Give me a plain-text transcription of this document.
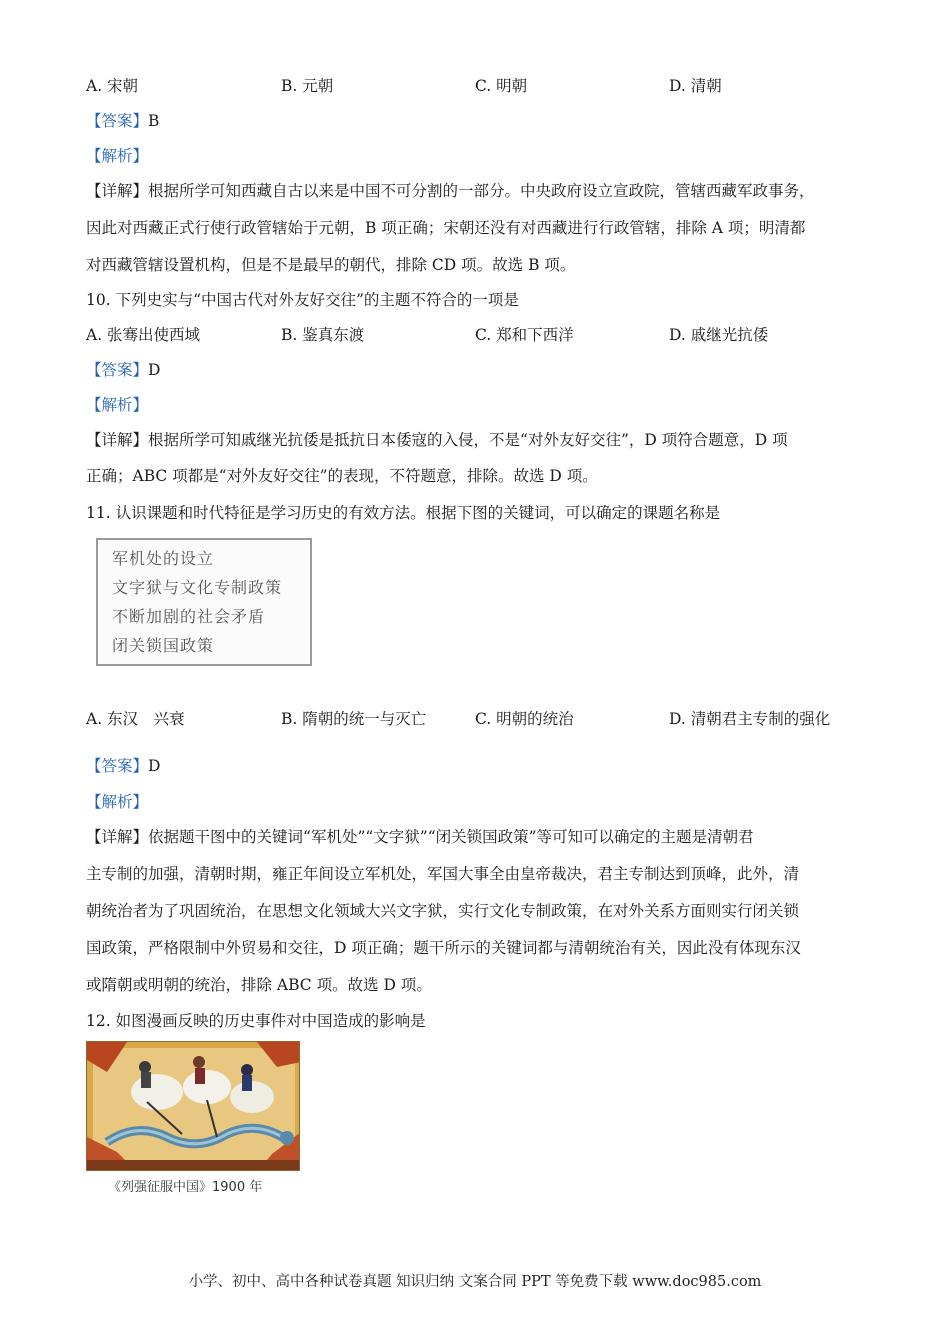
A. 宋朝	B. 元朝	C. 明朝	D. 清朝
【答案】B
【解析】
【详解】根据所学可知西藏自古以来是中国不可分割的一部分。中央政府设立宣政院，管辖西藏军政事务，
因此对西藏正式行使行政管辖始于元朝，B 项正确；宋朝还没有对西藏进行行政管辖，排除 A 项；明清都
对西藏管辖设置机构，但是不是最早的朝代，排除 CD 项。故选 B 项。
10. 下列史实与“中国古代对外友好交往”的主题不符合的一项是
A. 张骞出使西域	B. 鉴真东渡	C. 郑和下西洋	D. 戚继光抗倭
【答案】D
【解析】
【详解】根据所学可知戚继光抗倭是抵抗日本倭寇的入侵，不是“对外友好交往”，D 项符合题意，D 项
正确；ABC 项都是“对外友好交往”的表现，不符题意，排除。故选 D 项。
11. 认识课题和时代特征是学习历史的有效方法。根据下图的关键词，可以确定的课题名称是
军机处的设立
文字狱与文化专制政策
不断加剧的社会矛盾
闭关锁国政策
A. 东汉　兴衰	B. 隋朝的统一与灭亡	C. 明朝的统治	D. 清朝君主专制的强化
【答案】D
【解析】
【详解】依据题干图中的关键词“军机处”“文字狱”“闭关锁国政策”等可知可以确定的主题是清朝君
主专制的加强，清朝时期，雍正年间设立军机处，军国大事全由皇帝裁决，君主专制达到顶峰，此外，清
朝统治者为了巩固统治，在思想文化领域大兴文字狱，实行文化专制政策，在对外关系方面则实行闭关锁
国政策，严格限制中外贸易和交往，D 项正确；题干所示的关键词都与清朝统治有关，因此没有体现东汉
或隋朝或明朝的统治，排除 ABC 项。故选 D 项。
12. 如图漫画反映的历史事件对中国造成的影响是
《列强征服中国》1900 年
小学、初中、高中各种试卷真题 知识归纳 文案合同 PPT 等免费下载 www.doc985.com
